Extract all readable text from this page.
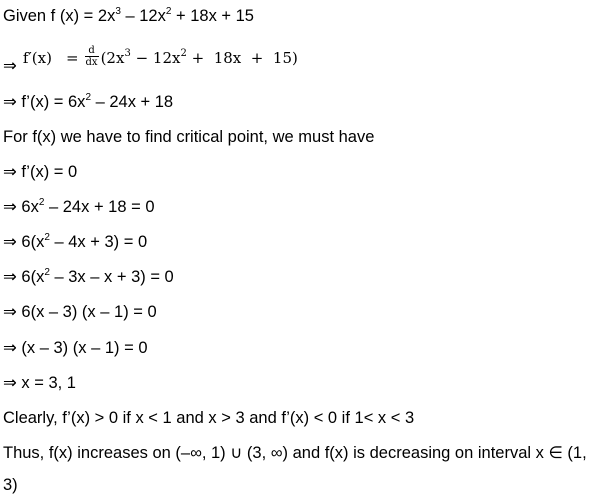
Given f $(x) = 2x^3 - 12x^2 + 18x + 15$
⇒ $f'(x) = \frac{d}{dx} (2x^3 - 12x^2 + 18x + 15)$
⇒ f’(x) = $6x^2 - 24x + 18$
For f(x) we have to find critical point, we must have
⇒ f’(x) = 0
⇒ $6x^2 - 24x + 18 = 0$
⇒ $6(x^2 - 4x + 3) = 0$
⇒ $6(x^2 - 3x - x + 3) = 0$
⇒ 6(x – 3) (x – 1) = 0
⇒ (x – 3) (x – 1) = 0
⇒ x = 3, 1
Clearly, f’(x) > 0 if x < 1 and x > 3 and f’(x) < 0 if 1< x < 3
Thus, f(x) increases on (–∞, 1) ∪ (3, ∞) and f(x) is decreasing on interval x ∈ (1, 3)
